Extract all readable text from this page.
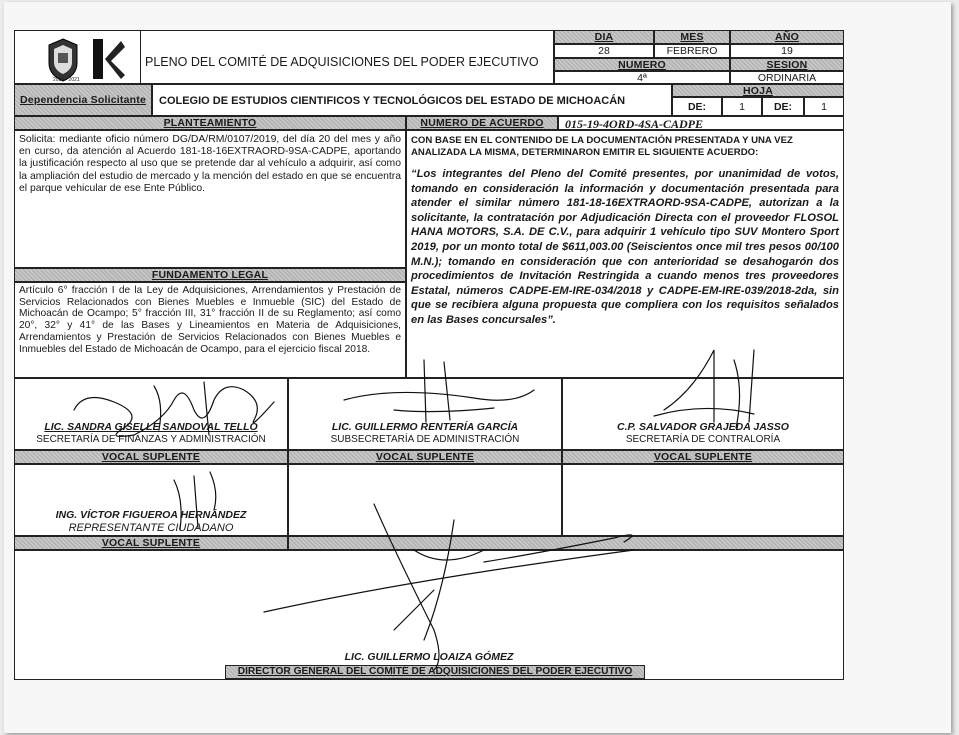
2015 - 2021
PLENO DEL COMITÉ DE ADQUISICIONES DEL PODER EJECUTIVO
DIA	MES	AÑO
28	FEBRERO	19
NUMERO	SESION
4ª	ORDINARIA
Dependencia Solicitante	COLEGIO DE ESTUDIOS CIENTIFICOS Y TECNOLÓGICOS DEL ESTADO DE MICHOACÁN
HOJA
DE:	1	DE:	1
PLANTEAMIENTO	NUMERO DE ACUERDO	015-19-4ORD-4SA-CADPE
Solicita: mediante oficio número DG/DA/RM/0107/2019, del día 20 del mes y año en curso, da atención al Acuerdo 181-18-16EXTRAORD-9SA-CADPE, aportando la justificación respecto al uso que se pretende dar al vehículo a adquirir, así como la ampliación del estudio de mercado y la mención del estado en que se encuentra el parque vehicular de ese Ente Público.
FUNDAMENTO LEGAL
Artículo 6° fracción I de la Ley de Adquisiciones, Arrendamientos y Prestación de Servicios Relacionados con Bienes Muebles e Inmueble (SIC) del Estado de Michoacán de Ocampo; 5° fracción III, 31° fracción II de su Reglamento; así como 20°, 32° y 41° de las Bases y Lineamientos en Materia de Adquisiciones, Arrendamientos y Prestación de Servicios Relacionados con Bienes Muebles e Inmuebles del Estado de Michoacán de Ocampo, para el ejercicio fiscal 2018.
CON BASE EN EL CONTENIDO DE LA DOCUMENTACIÓN PRESENTADA Y UNA VEZ ANALIZADA LA MISMA, DETERMINARON EMITIR EL SIGUIENTE ACUERDO:
“Los integrantes del Pleno del Comité presentes, por unanimidad de votos, tomando en consideración la información y documentación presentada para atender el similar número 181-18-16EXTRAORD-9SA-CADPE, autorizan a la solicitante, la contratación por Adjudicación Directa con el proveedor FLOSOL HANA MOTORS, S.A. DE C.V., para adquirir 1 vehículo tipo SUV Montero Sport 2019, por un monto total de $611,003.00 (Seiscientos once mil tres pesos 00/100 M.N.); tomando en consideración que con anterioridad se desahogarón dos procedimientos de Invitación Restringida a cuando menos tres proveedores Estatal, números CADPE-EM-IRE-034/2018 y CADPE-EM-IRE-039/2018-2da, sin que se recibiera alguna propuesta que compliera con los requisitos señalados en las Bases concursales”.
LIC. SANDRA GISELLE SANDOVAL TELLO
SECRETARÍA DE FINANZAS Y ADMINISTRACIÓN
LIC. GUILLERMO RENTERÍA GARCÍA
SUBSECRETARÍA DE ADMINISTRACIÓN
C.P. SALVADOR GRAJEDA JASSO
SECRETARÍA DE CONTRALORÍA
VOCAL SUPLENTE	VOCAL SUPLENTE	VOCAL SUPLENTE
ING. VÍCTOR FIGUEROA HERNÁNDEZ
REPRESENTANTE CIUDADANO
VOCAL SUPLENTE
LIC. GUILLERMO LOAIZA GÓMEZ
DIRECTOR GENERAL DEL COMITÉ DE ADQUISICIONES DEL PODER EJECUTIVO
